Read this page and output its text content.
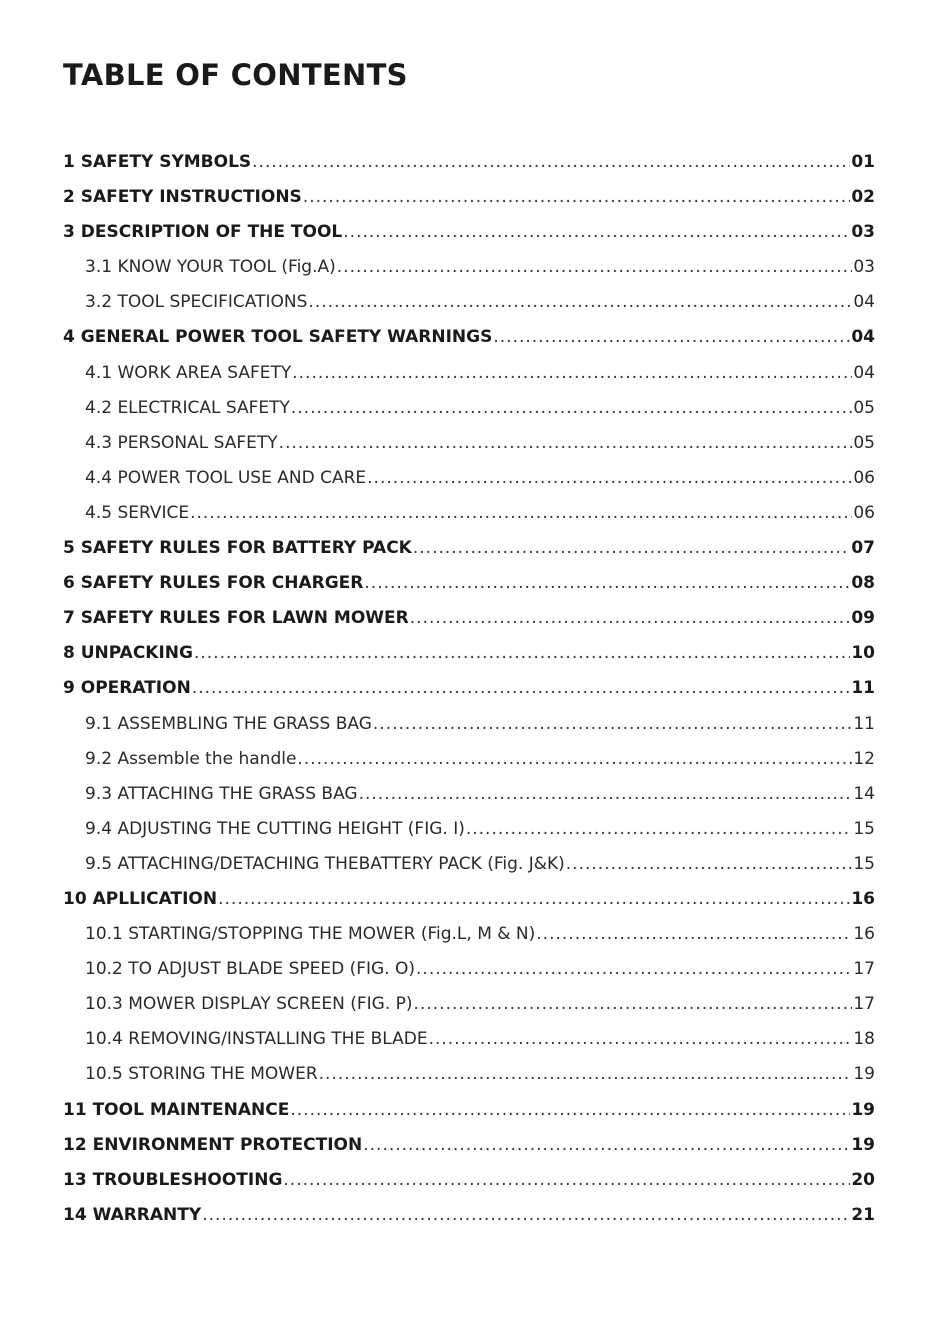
TABLE OF CONTENTS
1 SAFETY SYMBOLS .....	01
2 SAFETY INSTRUCTIONS .....	02
3 DESCRIPTION OF THE TOOL .....	03
3.1 KNOW YOUR TOOL (Fig.A) .....	03
3.2 TOOL SPECIFICATIONS .....	04
4 GENERAL POWER TOOL SAFETY WARNINGS .....	04
4.1 WORK AREA SAFETY .....	04
4.2 ELECTRICAL SAFETY .....	05
4.3 PERSONAL SAFETY .....	05
4.4 POWER TOOL USE AND CARE .....	06
4.5 SERVICE .....	06
5 SAFETY RULES FOR BATTERY PACK .....	07
6 SAFETY RULES FOR CHARGER .....	08
7 SAFETY RULES FOR LAWN MOWER .....	09
8 UNPACKING .....	10
9 OPERATION .....	11
9.1 ASSEMBLING THE GRASS BAG .....	11
9.2 Assemble the handle .....	12
9.3 ATTACHING THE GRASS BAG .....	14
9.4 ADJUSTING THE CUTTING HEIGHT (FIG. I) .....	15
9.5 ATTACHING/DETACHING THEBATTERY PACK (Fig. J&K) .....	15
10 APLLICATION .....	16
10.1 STARTING/STOPPING THE MOWER (Fig.L, M & N) .....	16
10.2 TO ADJUST BLADE SPEED (FIG. O) .....	17
10.3 MOWER DISPLAY SCREEN (FIG. P) .....	17
10.4 REMOVING/INSTALLING THE BLADE .....	18
10.5 STORING THE MOWER .....	19
11 TOOL MAINTENANCE .....	19
12 ENVIRONMENT PROTECTION .....	19
13 TROUBLESHOOTING .....	20
14 WARRANTY .....	21
